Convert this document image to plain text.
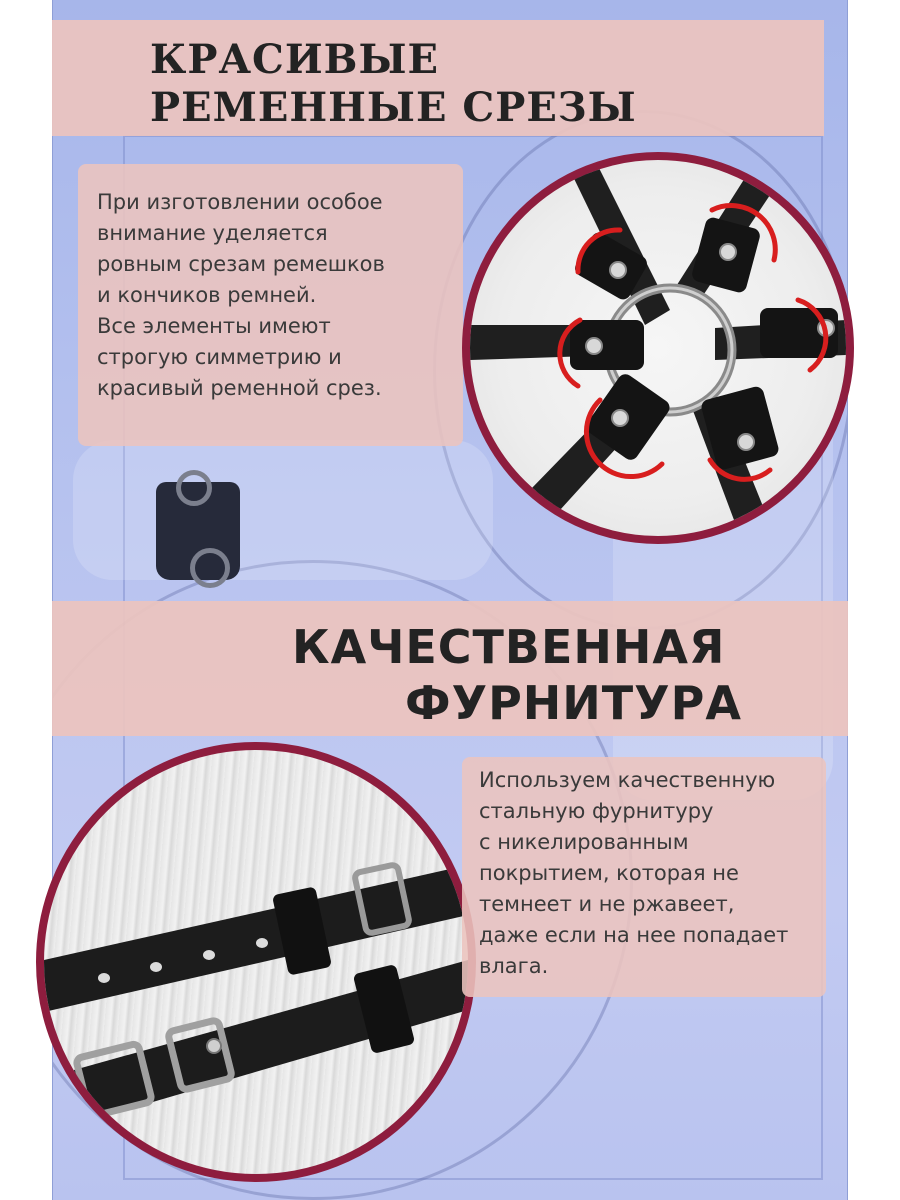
КРАСИВЫЕ
РЕМЕННЫЕ СРЕЗЫ
При изготовлении особое
внимание уделяется
ровным срезам ремешков
и кончиков ремней.
Все элементы имеют
строгую симметрию и
красивый ременной срез.
КАЧЕСТВЕННАЯ
ФУРНИТУРА
Используем качественную
стальную фурнитуру
с никелированным
покрытием, которая не
темнеет и не ржавеет,
даже если на нее попадает
влага.
